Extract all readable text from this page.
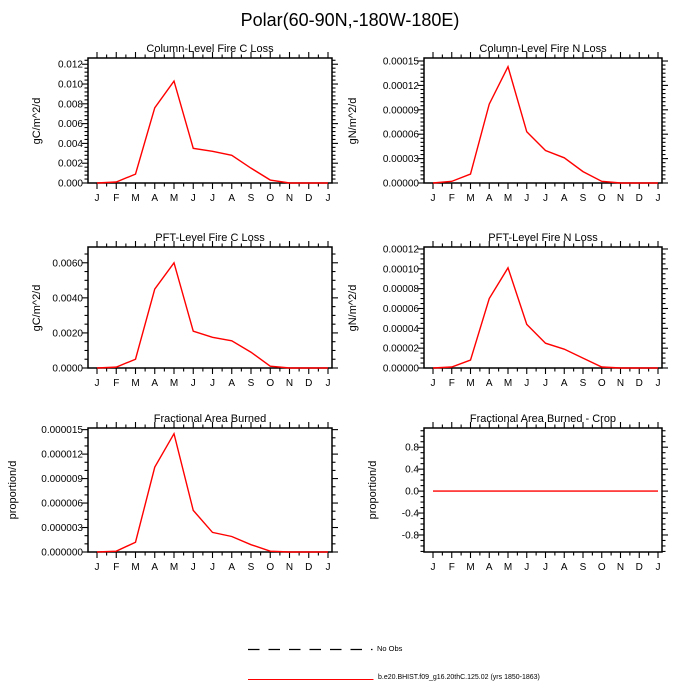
Polar(60-90N,-180W-180E)
J F M A M J J A S O N D J
0.000
0.002
0.004
0.006
0.008
0.010
0.012
J F M A M J J A S O N D J
0.00000
0.00003
0.00006
0.00009
0.00012
0.00015
J F M A M J J A S O N D J
0.0000
0.0020
0.0040
0.0060
J F M A M J J A S O N D J
0.00000
0.00002
0.00004
0.00006
0.00008
0.00010
0.00012
J F M A M J J A S O N D J
0.000000
0.000003
0.000006
0.000009
0.000012
0.000015
J F M A M J J A S O N D J
-0.8
-0.4
0.0
0.4
0.8
Column-Level Fire C Loss	Column-Level Fire N Loss
PFT-Level Fire C Loss	PFT-Level Fire N Loss
Fractional Area Burned	Fractional Area Burned - Crop
gC/m^2/d	gN/m^2/d
gC/m^2/d	gN/m^2/d
proportion/d	proportion/d
No Obs
b.e20.BHIST.f09_g16.20thC.125.02 (yrs 1850-1863)
